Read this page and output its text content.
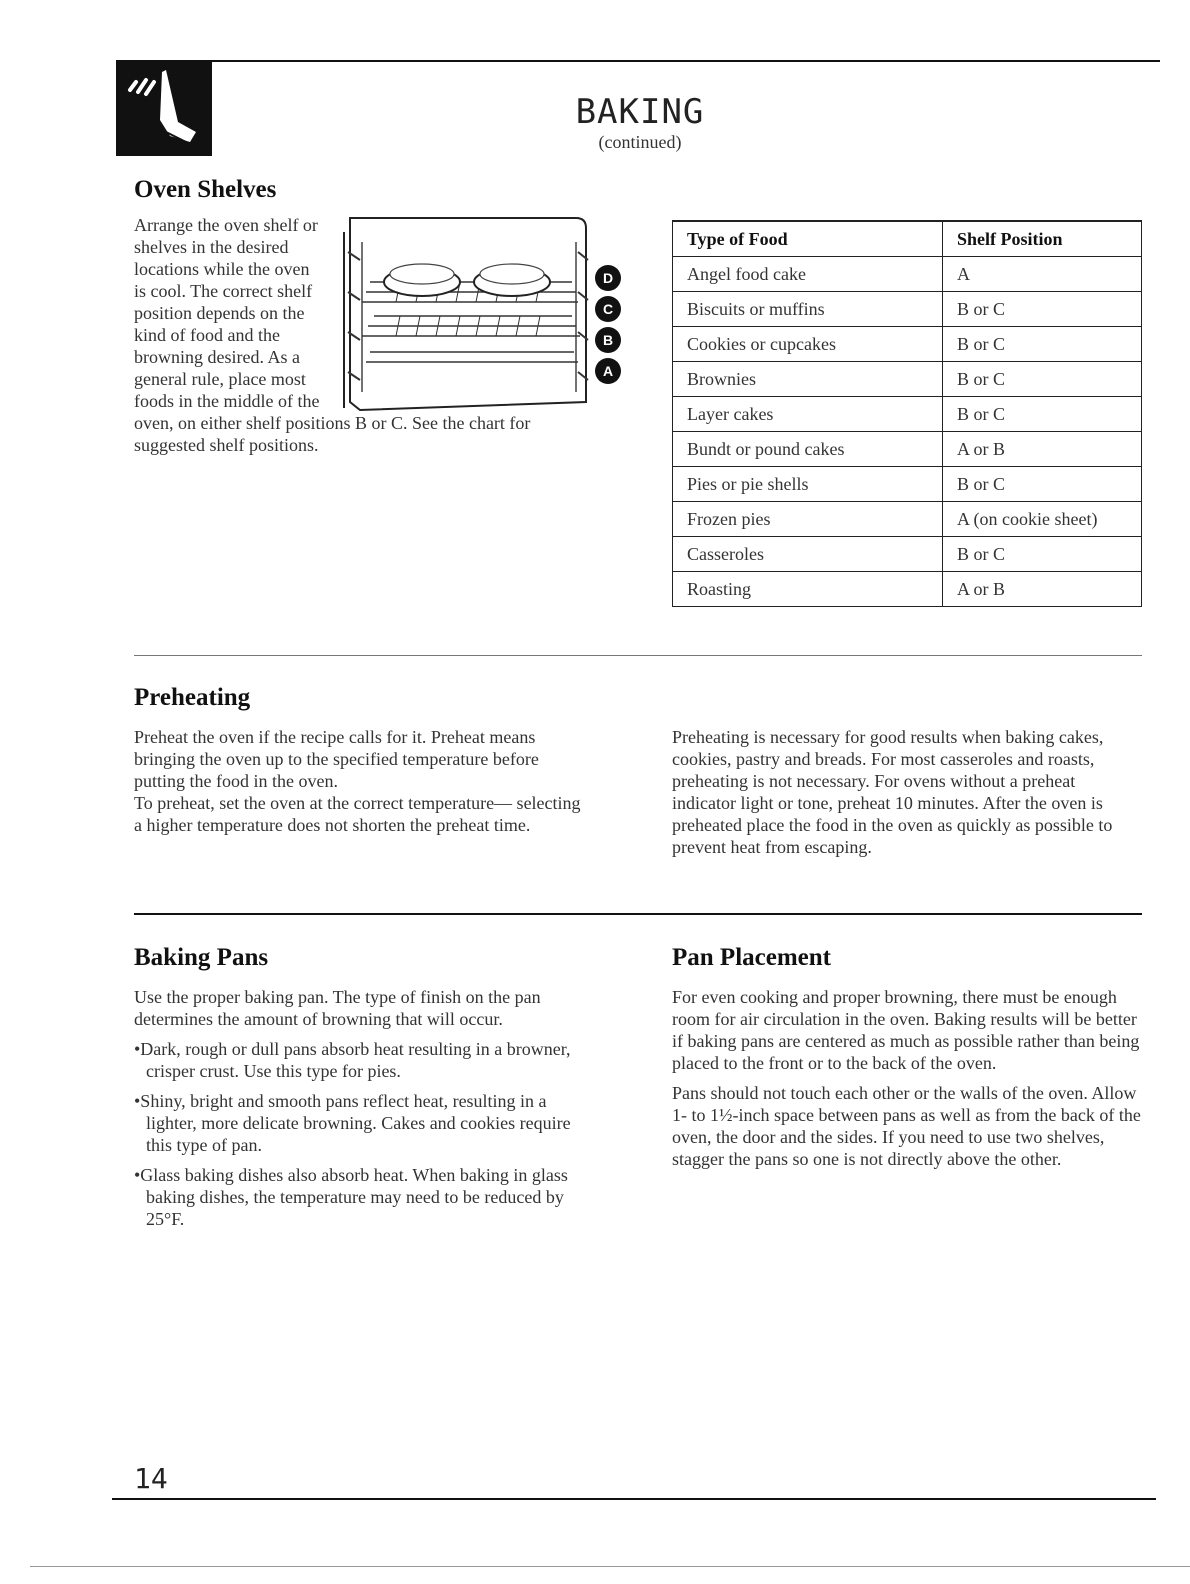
BAKING
(continued)
Oven Shelves
D
C
B
A
Arrange the oven shelf or shelves in the desired locations while the oven is cool. The correct shelf position depends on the kind of food and the browning desired. As a general rule, place most foods in the middle of the oven, on either shelf positions B or C. See the chart for suggested shelf positions.
Type of Food	Shelf Position
Angel food cake	A
Biscuits or muffins	B or C
Cookies or cupcakes	B or C
Brownies	B or C
Layer cakes	B or C
Bundt or pound cakes	A or B
Pies or pie shells	B or C
Frozen pies	A (on cookie sheet)
Casseroles	B or C
Roasting	A or B
Preheating

Preheat the oven if the recipe calls for it. Preheat means bringing the oven up to the specified temperature before putting the food in the oven.

To preheat, set the oven at the correct temperature— selecting a higher temperature does not shorten the preheat time.

Preheating is necessary for good results when baking cakes, cookies, pastry and breads. For most casseroles and roasts, preheating is not necessary. For ovens without a preheat indicator light or tone, preheat 10 minutes. After the oven is preheated place the food in the oven as quickly as possible to prevent heat from escaping.

Baking Pans

Use the proper baking pan. The type of finish on the pan determines the amount of browning that will occur.

•Dark, rough or dull pans absorb heat resulting in a browner, crisper crust. Use this type for pies.

•Shiny, bright and smooth pans reflect heat, resulting in a lighter, more delicate browning. Cakes and cookies require this type of pan.

•Glass baking dishes also absorb heat. When baking in glass baking dishes, the temperature may need to be reduced by 25°F.

Pan Placement

For even cooking and proper browning, there must be enough room for air circulation in the oven. Baking results will be better if baking pans are centered as much as possible rather than being placed to the front or to the back of the oven.

Pans should not touch each other or the walls of the oven. Allow 1- to 1½-inch space between pans as well as from the back of the oven, the door and the sides. If you need to use two shelves, stagger the pans so one is not directly above the other.

14
